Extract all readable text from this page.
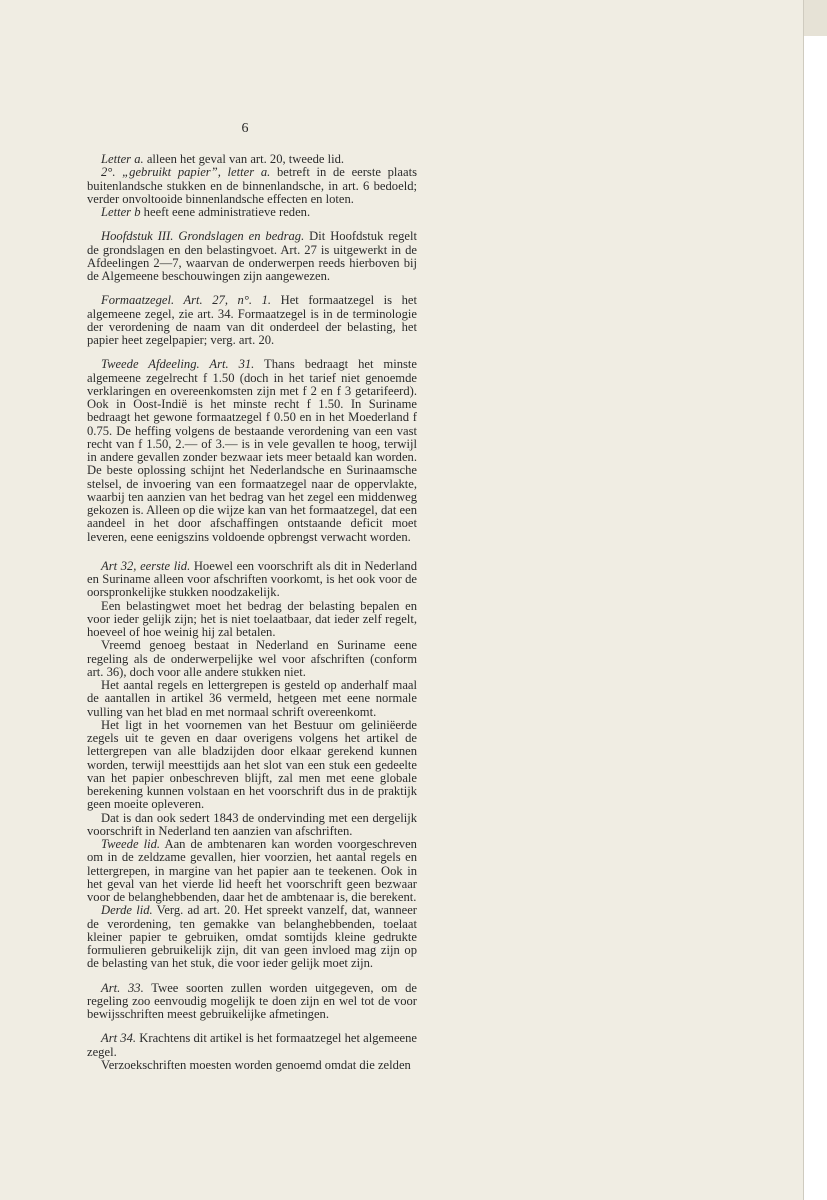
6

Letter a. alleen het geval van art. 20, tweede lid.

2°. „gebruikt papier”, letter a. betreft in de eerste plaats buitenlandsche stukken en de binnenlandsche, in art. 6 bedoeld; verder onvoltooide binnenlandsche effecten en loten.

Letter b heeft eene administratieve reden.

Hoofdstuk III. Grondslagen en bedrag. Dit Hoofdstuk regelt de grondslagen en den belastingvoet. Art. 27 is uitgewerkt in de Afdeelingen 2—7, waarvan de onderwerpen reeds hierboven bij de Algemeene beschouwingen zijn aangewezen.

Formaatzegel. Art. 27, n°. 1. Het formaatzegel is het algemeene zegel, zie art. 34. Formaatzegel is in de terminologie der verordening de naam van dit onderdeel der belasting, het papier heet zegelpapier; verg. art. 20.

Tweede Afdeeling. Art. 31. Thans bedraagt het minste algemeene zegelrecht f 1.50 (doch in het tarief niet genoemde verklaringen en overeenkomsten zijn met f 2 en f 3 getarifeerd). Ook in Oost-Indië is het minste recht f 1.50. In Suriname bedraagt het gewone formaatzegel f 0.50 en in het Moederland f 0.75. De heffing volgens de bestaande verordening van een vast recht van f 1.50, 2.— of 3.— is in vele gevallen te hoog, terwijl in andere gevallen zonder bezwaar iets meer betaald kan worden. De beste oplossing schijnt het Nederlandsche en Surinaamsche stelsel, de invoering van een formaatzegel naar de oppervlakte, waarbij ten aanzien van het bedrag van het zegel een middenweg gekozen is. Alleen op die wijze kan van het formaatzegel, dat een aandeel in het door afschaffingen ontstaande deficit moet leveren, eene eenigszins voldoende opbrengst verwacht worden.

Art 32, eerste lid. Hoewel een voorschrift als dit in Nederland en Suriname alleen voor afschriften voorkomt, is het ook voor de oorspronkelijke stukken noodzakelijk.

Een belastingwet moet het bedrag der belasting bepalen en voor ieder gelijk zijn; het is niet toelaatbaar, dat ieder zelf regelt, hoeveel of hoe weinig hij zal betalen.

Vreemd genoeg bestaat in Nederland en Suriname eene regeling als de onderwerpelijke wel voor afschriften (conform art. 36), doch voor alle andere stukken niet.

Het aantal regels en lettergrepen is gesteld op anderhalf maal de aantallen in artikel 36 vermeld, hetgeen met eene normale vulling van het blad en met normaal schrift overeenkomt.

Het ligt in het voornemen van het Bestuur om geliniëerde zegels uit te geven en daar overigens volgens het artikel de lettergrepen van alle bladzijden door elkaar gerekend kunnen worden, terwijl meesttijds aan het slot van een stuk een gedeelte van het papier onbeschreven blijft, zal men met eene globale berekening kunnen volstaan en het voorschrift dus in de praktijk geen moeite opleveren.

Dat is dan ook sedert 1843 de ondervinding met een dergelijk voorschrift in Nederland ten aanzien van afschriften.

Tweede lid. Aan de ambtenaren kan worden voorgeschreven om in de zeldzame gevallen, hier voorzien, het aantal regels en lettergrepen, in margine van het papier aan te teekenen. Ook in het geval van het vierde lid heeft het voorschrift geen bezwaar voor de belanghebbenden, daar het de ambtenaar is, die berekent.

Derde lid. Verg. ad art. 20. Het spreekt vanzelf, dat, wanneer de verordening, ten gemakke van belanghebbenden, toelaat kleiner papier te gebruiken, omdat somtijds kleine gedrukte formulieren gebruikelijk zijn, dit van geen invloed mag zijn op de belasting van het stuk, die voor ieder gelijk moet zijn.

Art. 33. Twee soorten zullen worden uitgegeven, om de regeling zoo eenvoudig mogelijk te doen zijn en wel tot de voor bewijsschriften meest gebruikelijke afmetingen.

Art 34. Krachtens dit artikel is het formaatzegel het algemeene zegel.

Verzoekschriften moesten worden genoemd omdat die zelden
